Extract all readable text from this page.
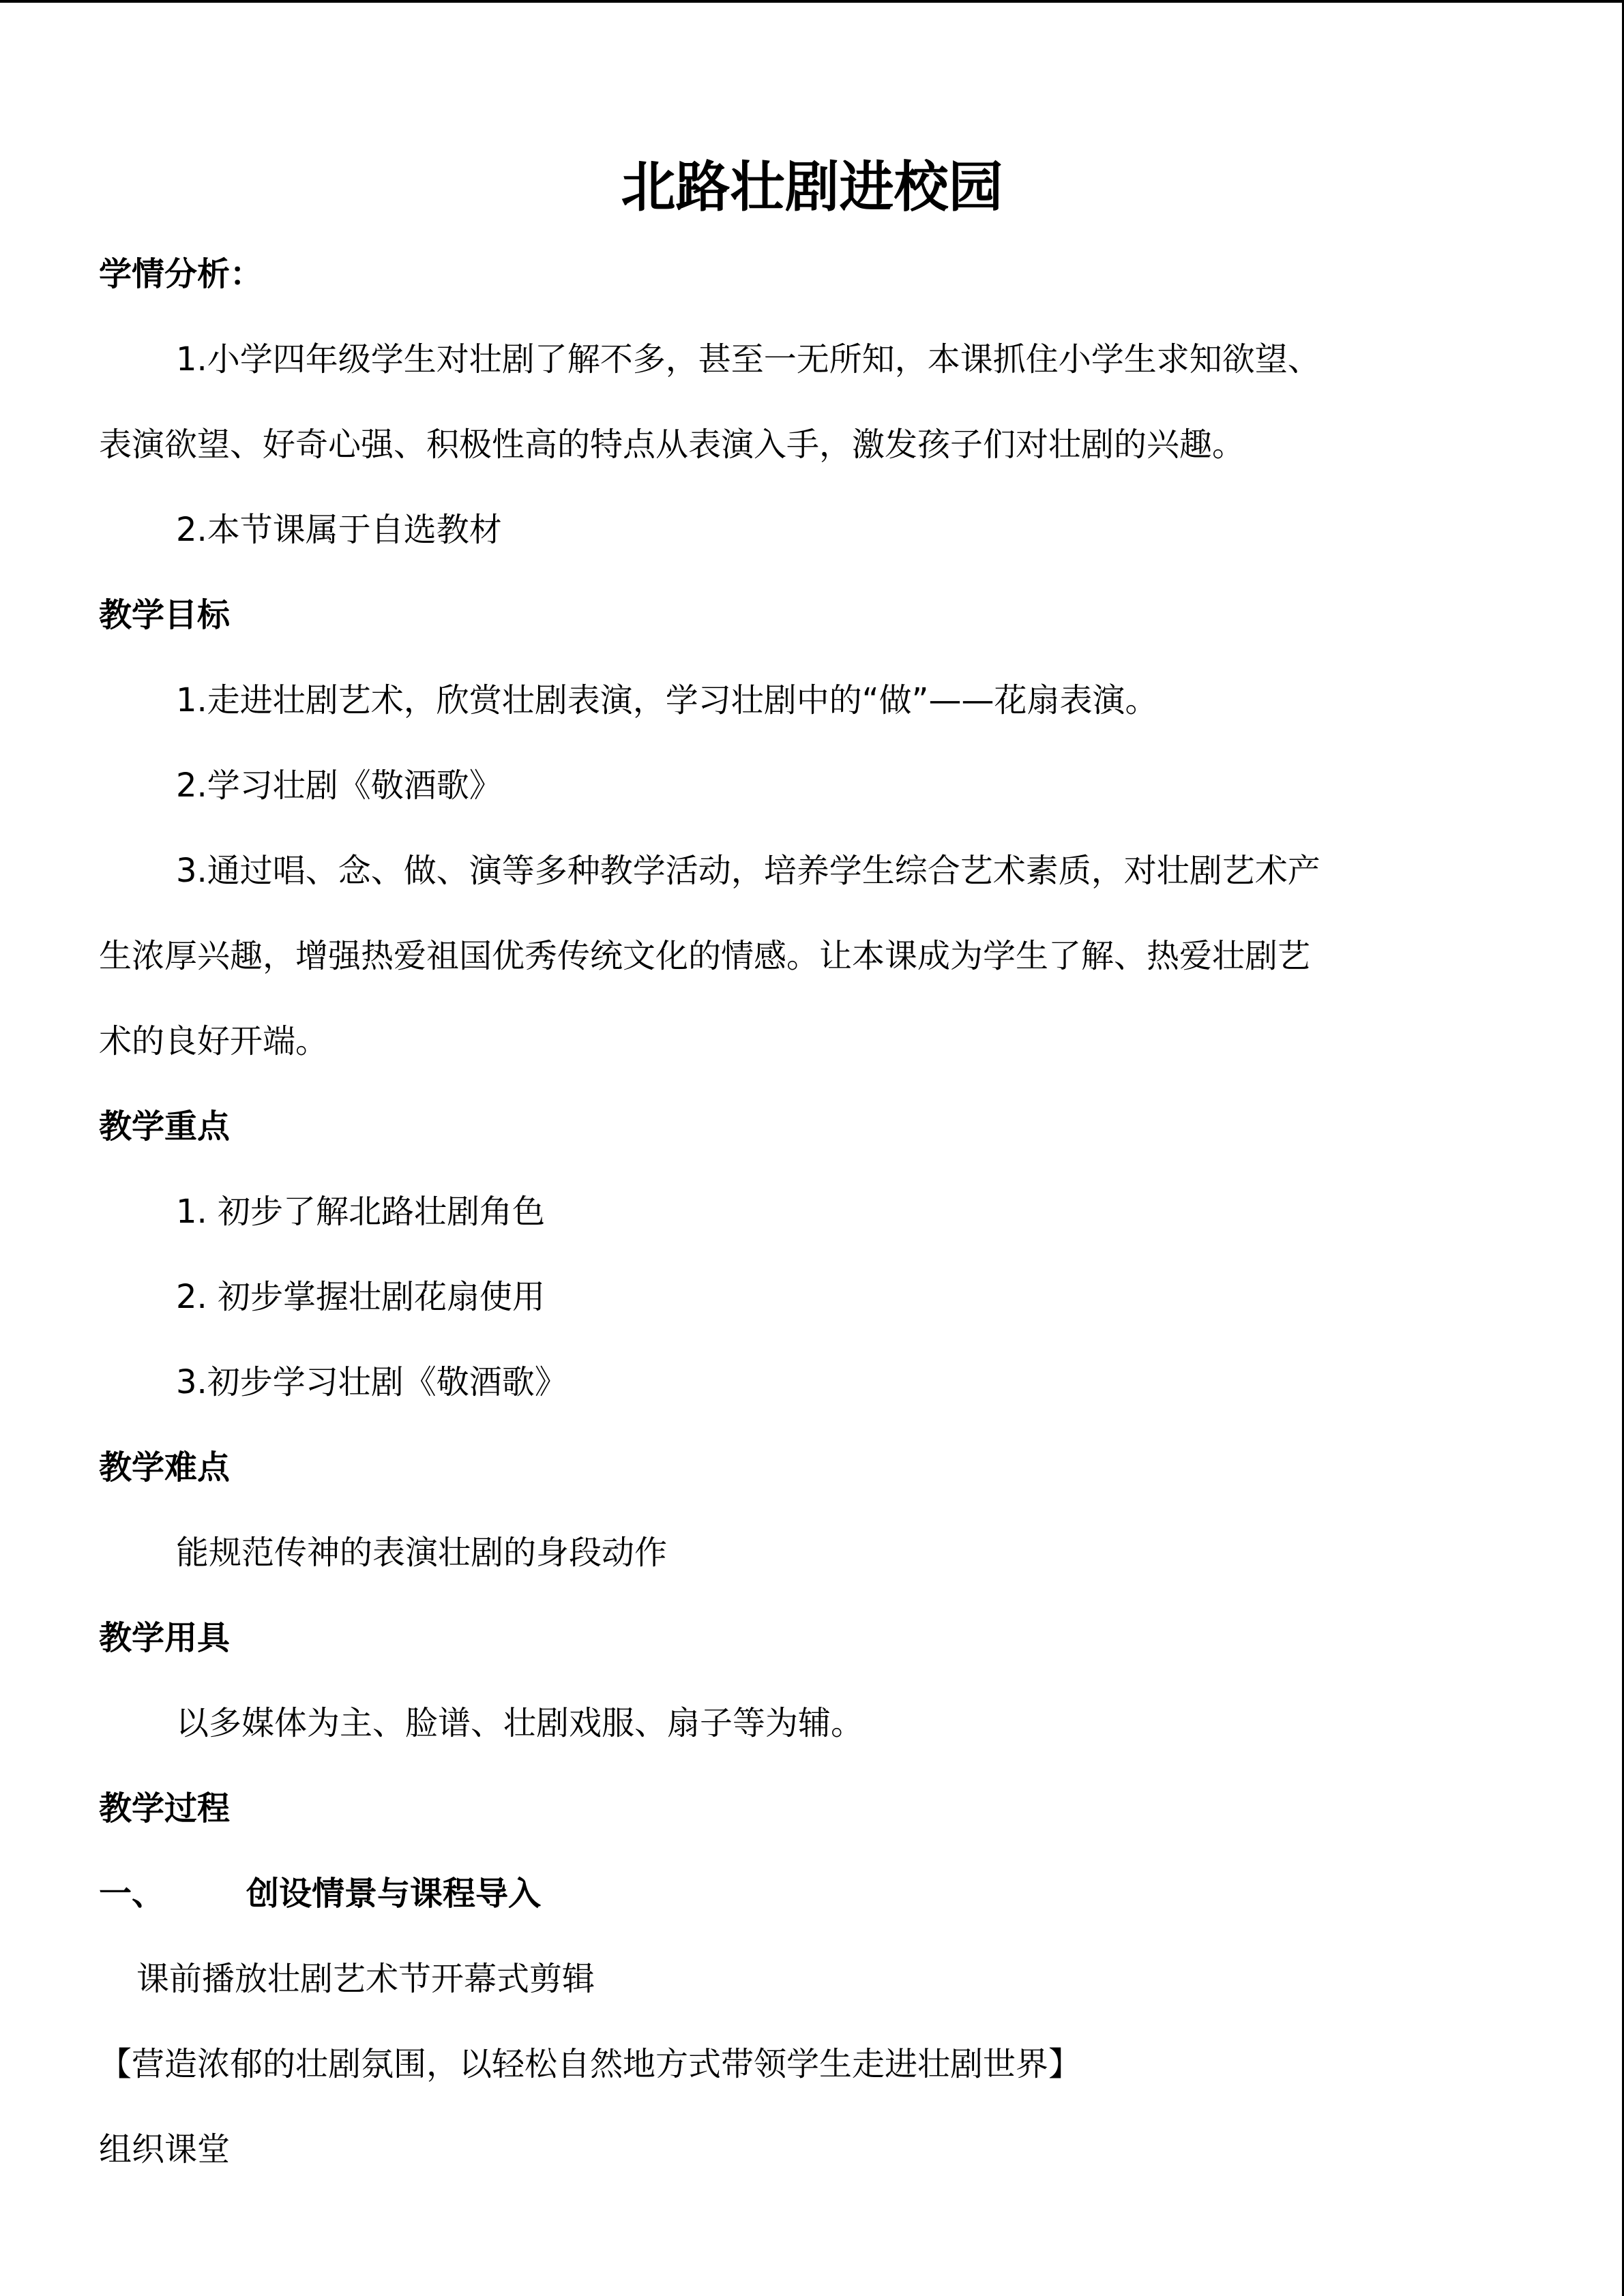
北路壮剧进校园
学情分析：
1.小学四年级学生对壮剧了解不多，甚至一无所知，本课抓住小学生求知欲望、
表演欲望、好奇心强、积极性高的特点从表演入手，激发孩子们对壮剧的兴趣。
2.本节课属于自选教材
教学目标
1.走进壮剧艺术，欣赏壮剧表演，学习壮剧中的“做”——花扇表演。
2.学习壮剧《敬酒歌》
3.通过唱、念、做、演等多种教学活动，培养学生综合艺术素质，对壮剧艺术产
生浓厚兴趣，增强热爱祖国优秀传统文化的情感。让本课成为学生了解、热爱壮剧艺
术的良好开端。
教学重点
1. 初步了解北路壮剧角色
2. 初步掌握壮剧花扇使用
3.初步学习壮剧《敬酒歌》
教学难点
能规范传神的表演壮剧的身段动作
教学用具
以多媒体为主、脸谱、壮剧戏服、扇子等为辅。
教学过程
一、	创设情景与课程导入
课前播放壮剧艺术节开幕式剪辑
【营造浓郁的壮剧氛围，以轻松自然地方式带领学生走进壮剧世界】
组织课堂
